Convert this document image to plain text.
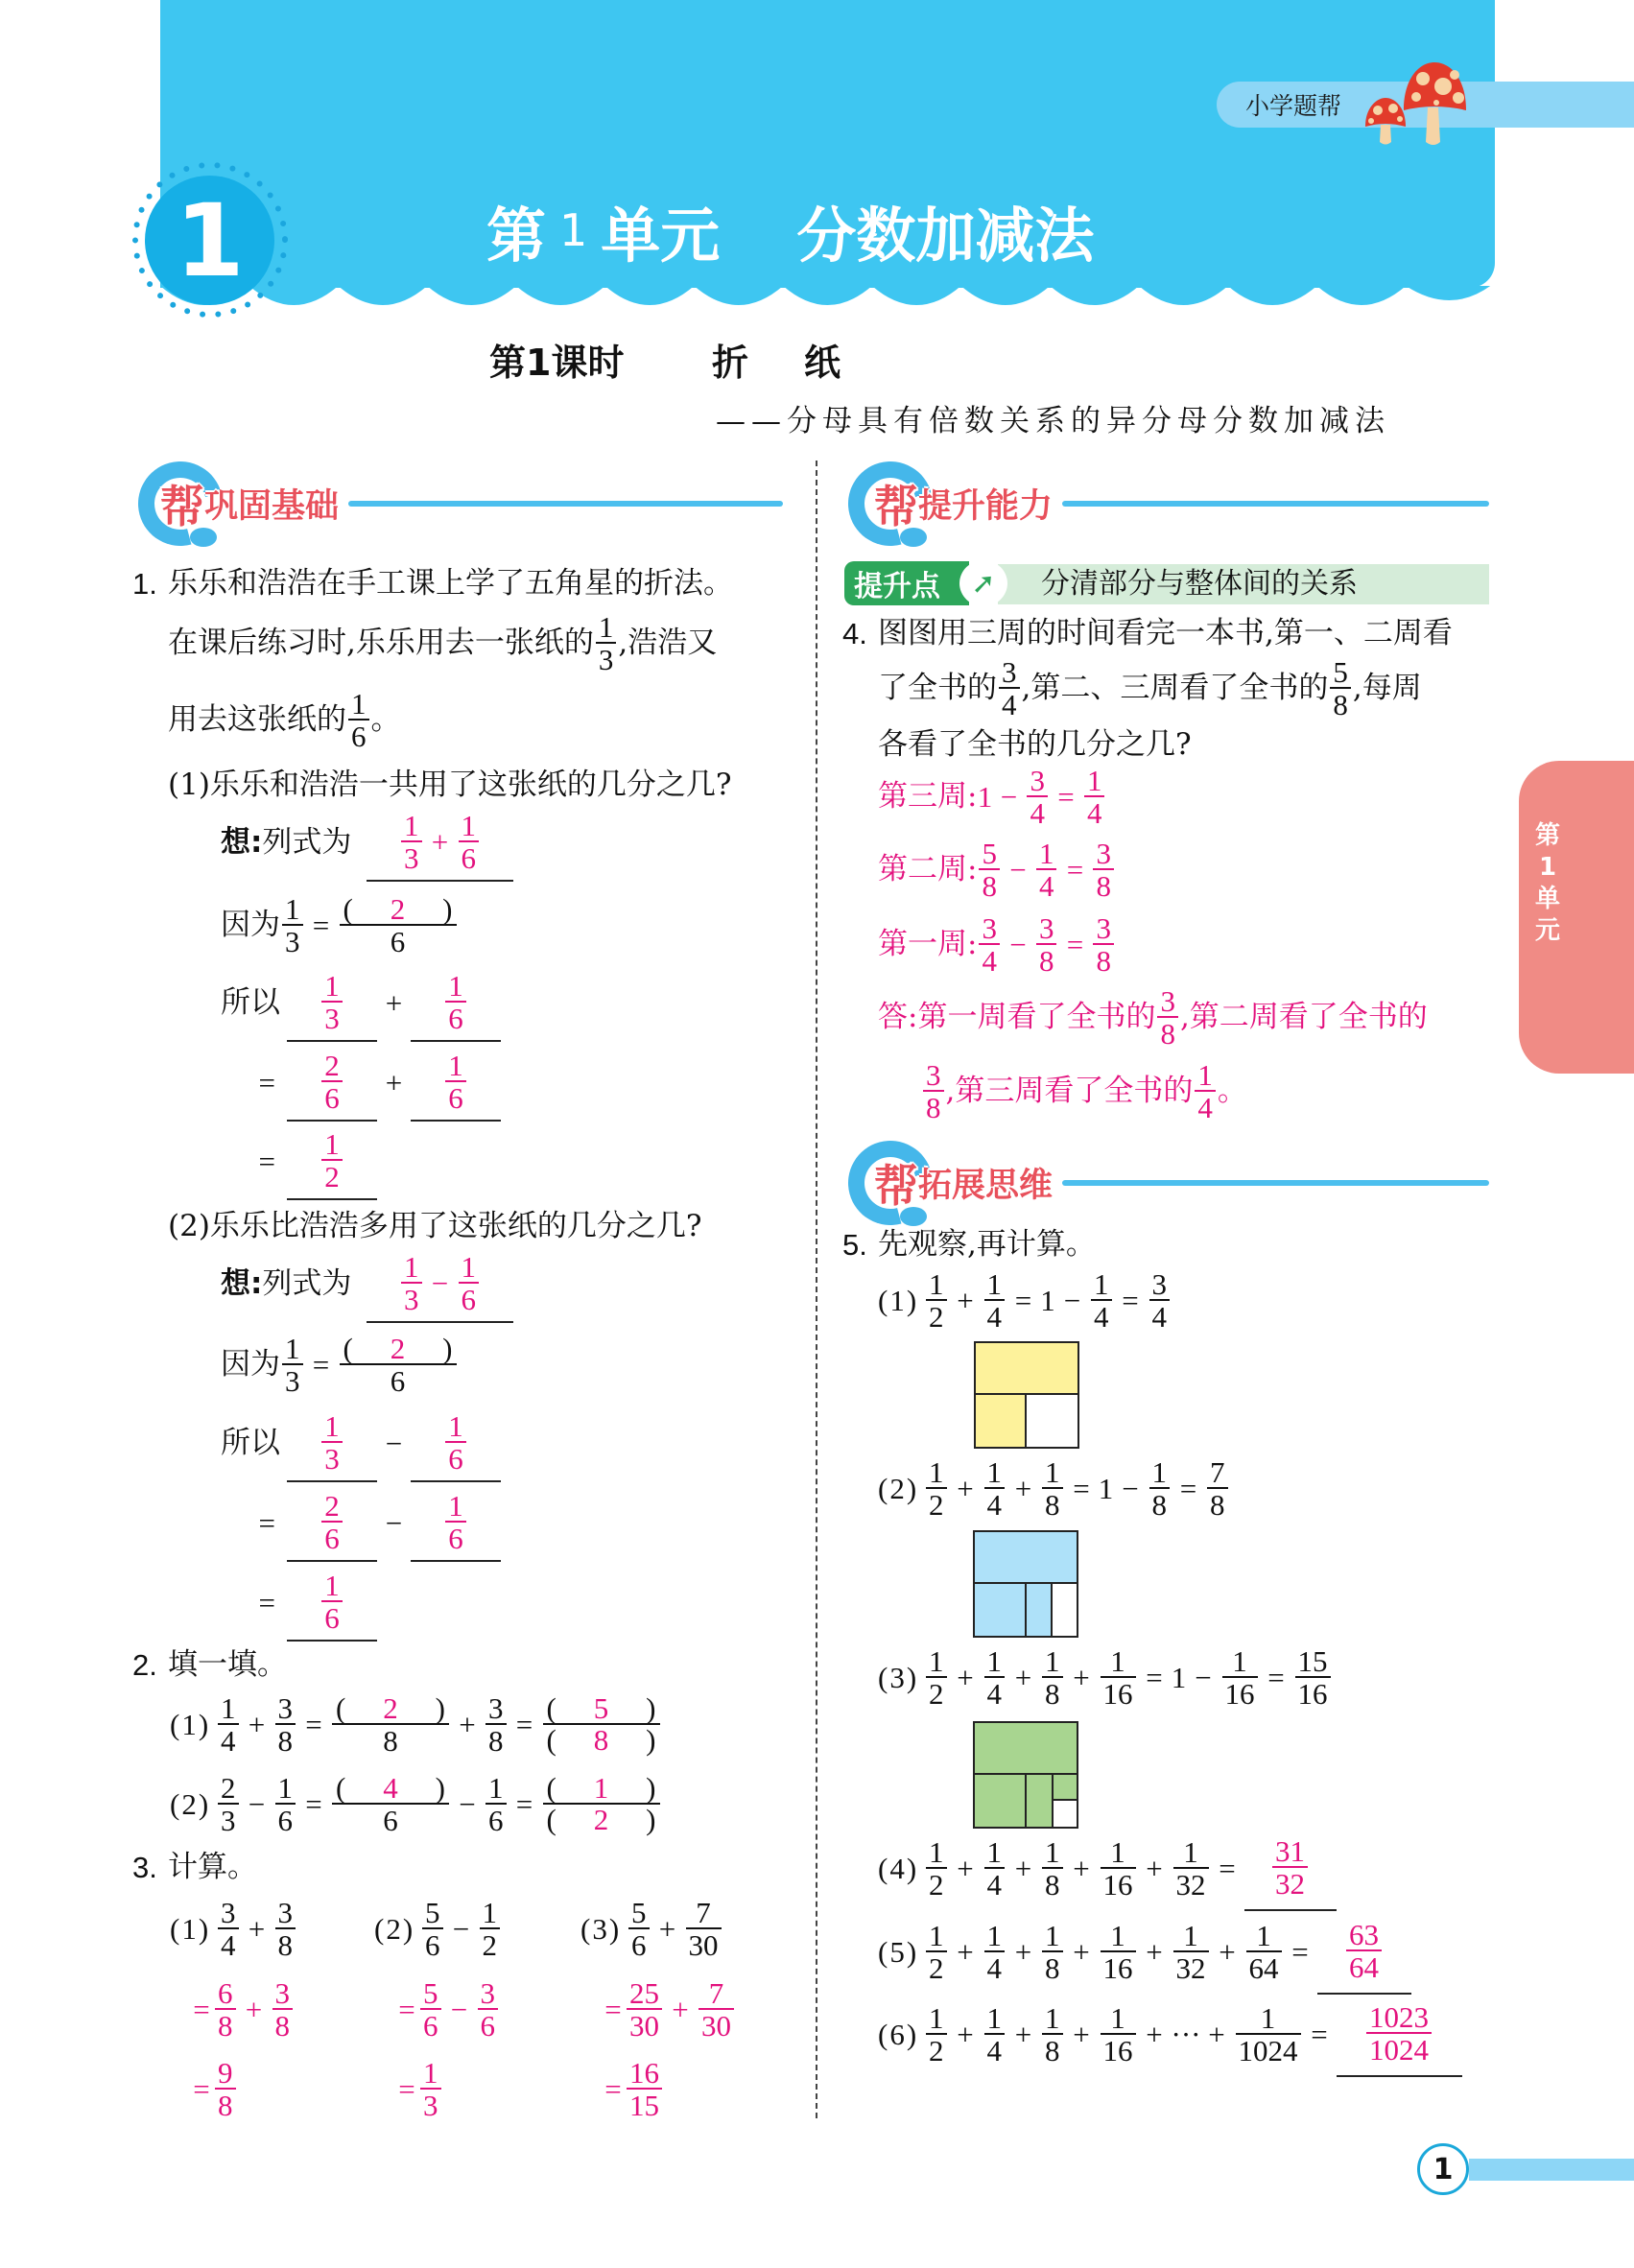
1	第 1 单元 分数加减法
小学题帮
第1课时 折 纸
——分母具有倍数关系的异分母分数加减法
帮 巩固基础
1. 乐乐和浩浩在手工课上学了五角星的折法。
在课后练习时,乐乐用去一张纸的 $\frac{1}{3}$ ,浩浩又
用去这张纸的 $\frac{1}{6}$ 。
(1)乐乐和浩浩一共用了这张纸的几分之几?
想:列式为	$\frac{1}{3} + \frac{1}{6}$
因为 $\frac{1}{3} = \frac{( 2 )}{6}$
所以 $\frac{1}{3} + \frac{1}{6}$
=	$\frac{2}{6} + \frac{1}{6}$
=	$\frac{1}{2}$
(2)乐乐比浩浩多用了这张纸的几分之几?
想:列式为	$\frac{1}{3} - \frac{1}{6}$
因为 $\frac{1}{3} = \frac{( 2 )}{6}$
所以 $\frac{1}{3} - \frac{1}{6}$
=	$\frac{2}{6} - \frac{1}{6}$
=	$\frac{1}{6}$
2. 填一填。
$(1) \frac{1}{4} + \frac{3}{8} = \frac{( 2 )}{8} + \frac{3}{8} = \frac{( 5 )}{( 8 )}$
$(2) \frac{2}{3} - \frac{1}{6} = \frac{( 4 )}{6} - \frac{1}{6} = \frac{( 1 )}{( 2 )}$
3. 计算。
$(1) \frac{3}{4} + \frac{3}{8}$
= $\frac{6}{8} + \frac{3}{8}$
= $\frac{9}{8}$
$(2) \frac{5}{6} - \frac{1}{2}$
= $\frac{5}{6} - \frac{3}{6}$
= $\frac{1}{3}$
$(3) \frac{5}{6} + \frac{7}{30}$
= $\frac{25}{30} + \frac{7}{30}$
= $\frac{16}{15}$
帮 提升能力
分清部分与整体间的关系
提升点	➚
4. 图图用三周的时间看完一本书,第一、二周看
了全书的 $\frac{3}{4}$ ,第二、三周看了全书的 $\frac{5}{8}$ ,每周
各看了全书的几分之几?
第三周: $1 - \frac{3}{4} = \frac{1}{4}$
第二周: $\frac{5}{8} - \frac{1}{4} = \frac{3}{8}$
第一周: $\frac{3}{4} - \frac{3}{8} = \frac{3}{8}$
答:第一周看了全书的 $\frac{3}{8}$ ,第二周看了全书的
$\frac{3}{8}$ ,第三周看了全书的 $\frac{1}{4}$ 。
帮 拓展思维
5. 先观察,再计算。
$(1) \frac{1}{2} + \frac{1}{4} = 1 - \frac{1}{4} = \frac{3}{4}$
$(2) \frac{1}{2} + \frac{1}{4} + \frac{1}{8} = 1 - \frac{1}{8} = \frac{7}{8}$
$(3) \frac{1}{2} + \frac{1}{4} + \frac{1}{8} + \frac{1}{16} = 1 - \frac{1}{16} = \frac{15}{16}$
$(4) \frac{1}{2} + \frac{1}{4} + \frac{1}{8} + \frac{1}{16} + \frac{1}{32} = \frac{31}{32}$
$(5) \frac{1}{2} + \frac{1}{4} + \frac{1}{8} + \frac{1}{16} + \frac{1}{32} + \frac{1}{64} = \frac{63}{64}$
$(6) \frac{1}{2} + \frac{1}{4} + \frac{1}{8} + \frac{1}{16}$ + ··· + $\frac{1}{1024} = \frac{1023}{1024}$
第
1
单
元
1
